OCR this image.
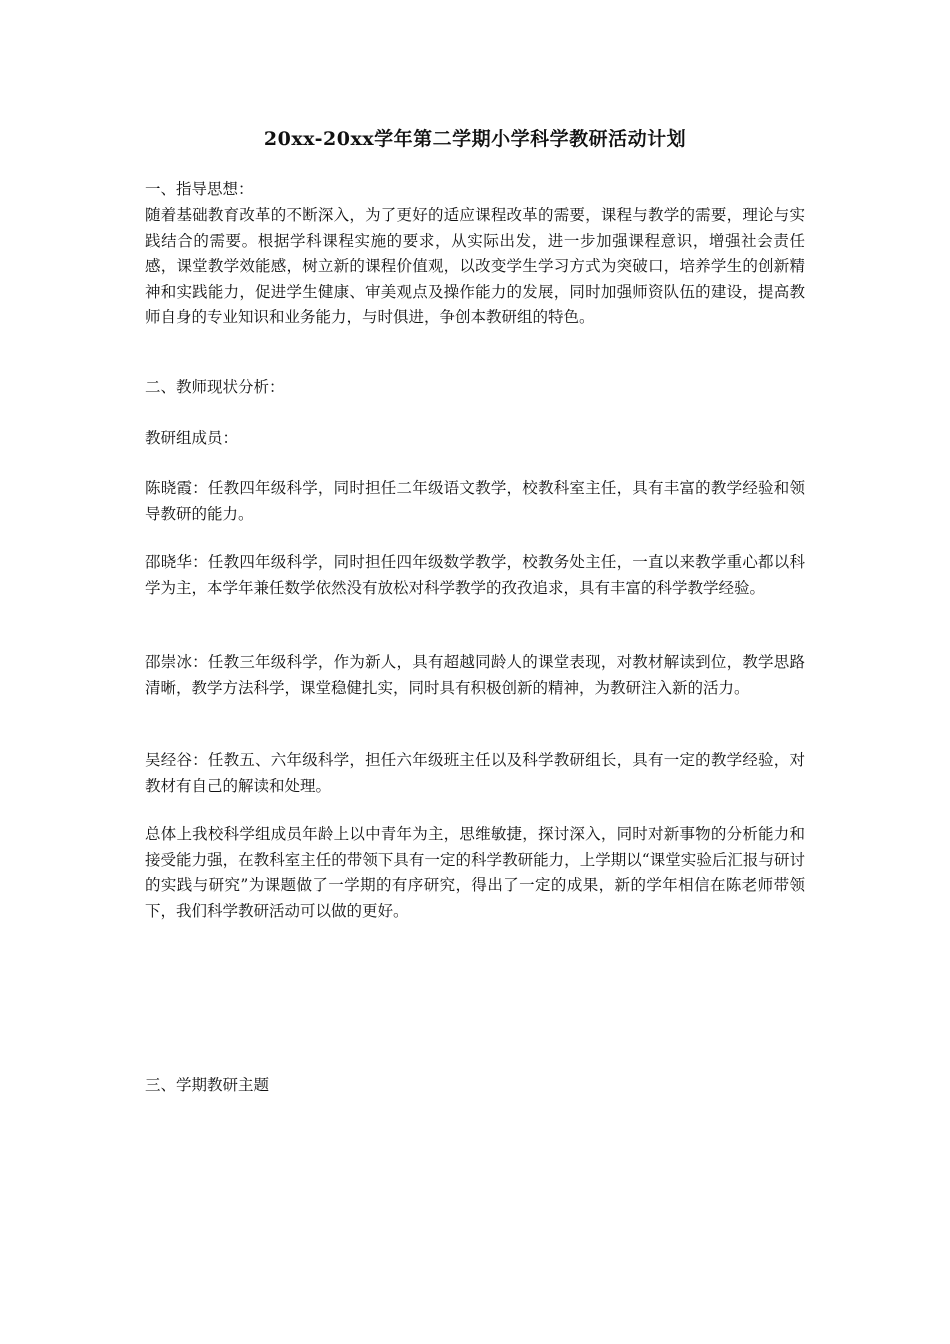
20xx-20xx学年第二学期小学科学教研活动计划
一、指导思想：
随着基础教育改革的不断深入，为了更好的适应课程改革的需要，课程与教学的需要，理论与实践结合的需要。根据学科课程实施的要求，从实际出发，进一步加强课程意识，增强社会责任感，课堂教学效能感，树立新的课程价值观，以改变学生学习方式为突破口，培养学生的创新精神和实践能力，促进学生健康、审美观点及操作能力的发展，同时加强师资队伍的建设，提高教师自身的专业知识和业务能力，与时俱进，争创本教研组的特色。
二、教师现状分析：
教研组成员：
陈晓霞：任教四年级科学，同时担任二年级语文教学，校教科室主任，具有丰富的教学经验和领导教研的能力。
邵晓华：任教四年级科学，同时担任四年级数学教学，校教务处主任，一直以来教学重心都以科学为主，本学年兼任数学依然没有放松对科学教学的孜孜追求，具有丰富的科学教学经验。
邵崇冰：任教三年级科学，作为新人，具有超越同龄人的课堂表现，对教材解读到位，教学思路清晰，教学方法科学，课堂稳健扎实，同时具有积极创新的精神，为教研注入新的活力。
吴经谷：任教五、六年级科学，担任六年级班主任以及科学教研组长，具有一定的教学经验，对教材有自己的解读和处理。
总体上我校科学组成员年龄上以中青年为主，思维敏捷，探讨深入，同时对新事物的分析能力和接受能力强，在教科室主任的带领下具有一定的科学教研能力，上学期以“课堂实验后汇报与研讨的实践与研究”为课题做了一学期的有序研究，得出了一定的成果，新的学年相信在陈老师带领下，我们科学教研活动可以做的更好。
三、学期教研主题
